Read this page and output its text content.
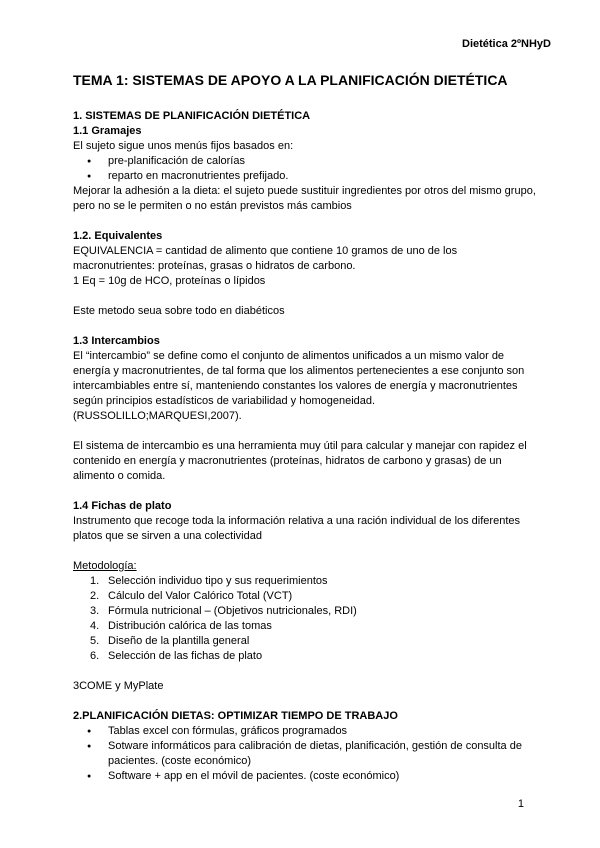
Dietética 2ºNHyD
TEMA 1: SISTEMAS DE APOYO A LA PLANIFICACIÓN DIETÉTICA

1. SISTEMAS DE PLANIFICACIÓN DIETÉTICA

1.1 Gramajes

El sujeto sigue unos menús fijos basados en:

● pre-planificación de calorías
● reparto en macronutrientes prefijado.

Mejorar la adhesión a la dieta: el sujeto puede sustituir ingredientes por otros del mismo grupo, pero no se le permiten o no están previstos más cambios

1.2. Equivalentes

EQUIVALENCIA = cantidad de alimento que contiene 10 gramos de uno de los macronutrientes: proteínas, grasas o hidratos de carbono.

1 Eq = 10g de HCO, proteínas o lípidos

Este metodo seua sobre todo en diabéticos

1.3 Intercambios

El “intercambio” se define como el conjunto de alimentos unificados a un mismo valor de energía y macronutrientes, de tal forma que los alimentos pertenecientes a ese conjunto son intercambiables entre sí, manteniendo constantes los valores de energía y macronutrientes según principios estadísticos de variabilidad y homogeneidad.

(RUSSOLILLO;MARQUESI,2007).

El sistema de intercambio es una herramienta muy útil para calcular y manejar con rapidez el contenido en energía y macronutrientes (proteínas, hidratos de carbono y grasas) de un alimento o comida.

1.4 Fichas de plato

Instrumento que recoge toda la información relativa a una ración individual de los diferentes platos que se sirven a una colectividad

Metodología:

1. Selección individuo tipo y sus requerimientos
2. Cálculo del Valor Calórico Total (VCT)
3. Fórmula nutricional – (Objetivos nutricionales, RDI)
4. Distribución calórica de las tomas
5. Diseño de la plantilla general
6. Selección de las fichas de plato

3COME y MyPlate

2.PLANIFICACIÓN DIETAS: OPTIMIZAR TIEMPO DE TRABAJO

● Tablas excel con fórmulas, gráficos programados
● Sotware informáticos para calibración de dietas, planificación, gestión de consulta de pacientes. (coste económico)
● Software + app en el móvil de pacientes. (coste económico)
1
